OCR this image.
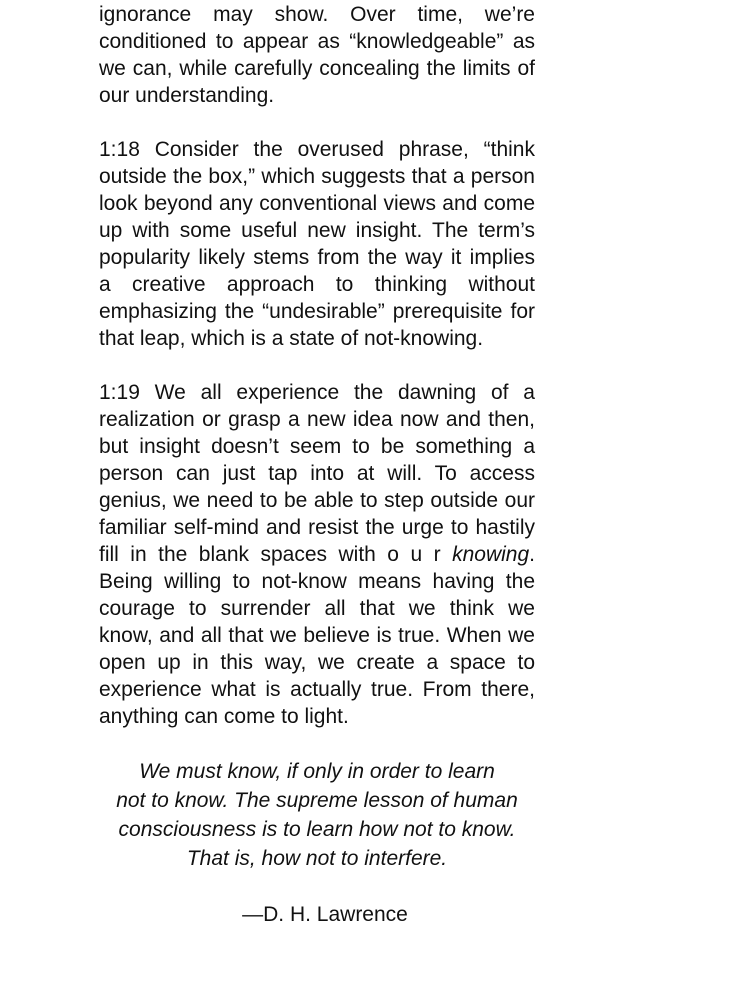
ignorance may show. Over time, we’re conditioned to appear as “knowledgeable” as we can, while carefully concealing the limits of our understanding.

1:18 Consider the overused phrase, “think outside the box,” which suggests that a person look beyond any conventional views and come up with some useful new insight. The term’s popularity likely stems from the way it implies a creative approach to thinking without emphasizing the “undesirable” prerequisite for that leap, which is a state of not-knowing.

1:19 We all experience the dawning of a realization or grasp a new idea now and then, but insight doesn’t seem to be something a person can just tap into at will. To access genius, we need to be able to step outside our familiar self-mind and resist the urge to hastily fill in the blank spaces with o u r knowing. Being willing to not-know means having the courage to surrender all that we think we know, and all that we believe is true. When we open up in this way, we create a space to experience what is actually true. From there, anything can come to light.

We must know, if only in order to learn
not to know. The supreme lesson of human
consciousness is to learn how not to know.
That is, how not to interfere.

—D. H. Lawrence
